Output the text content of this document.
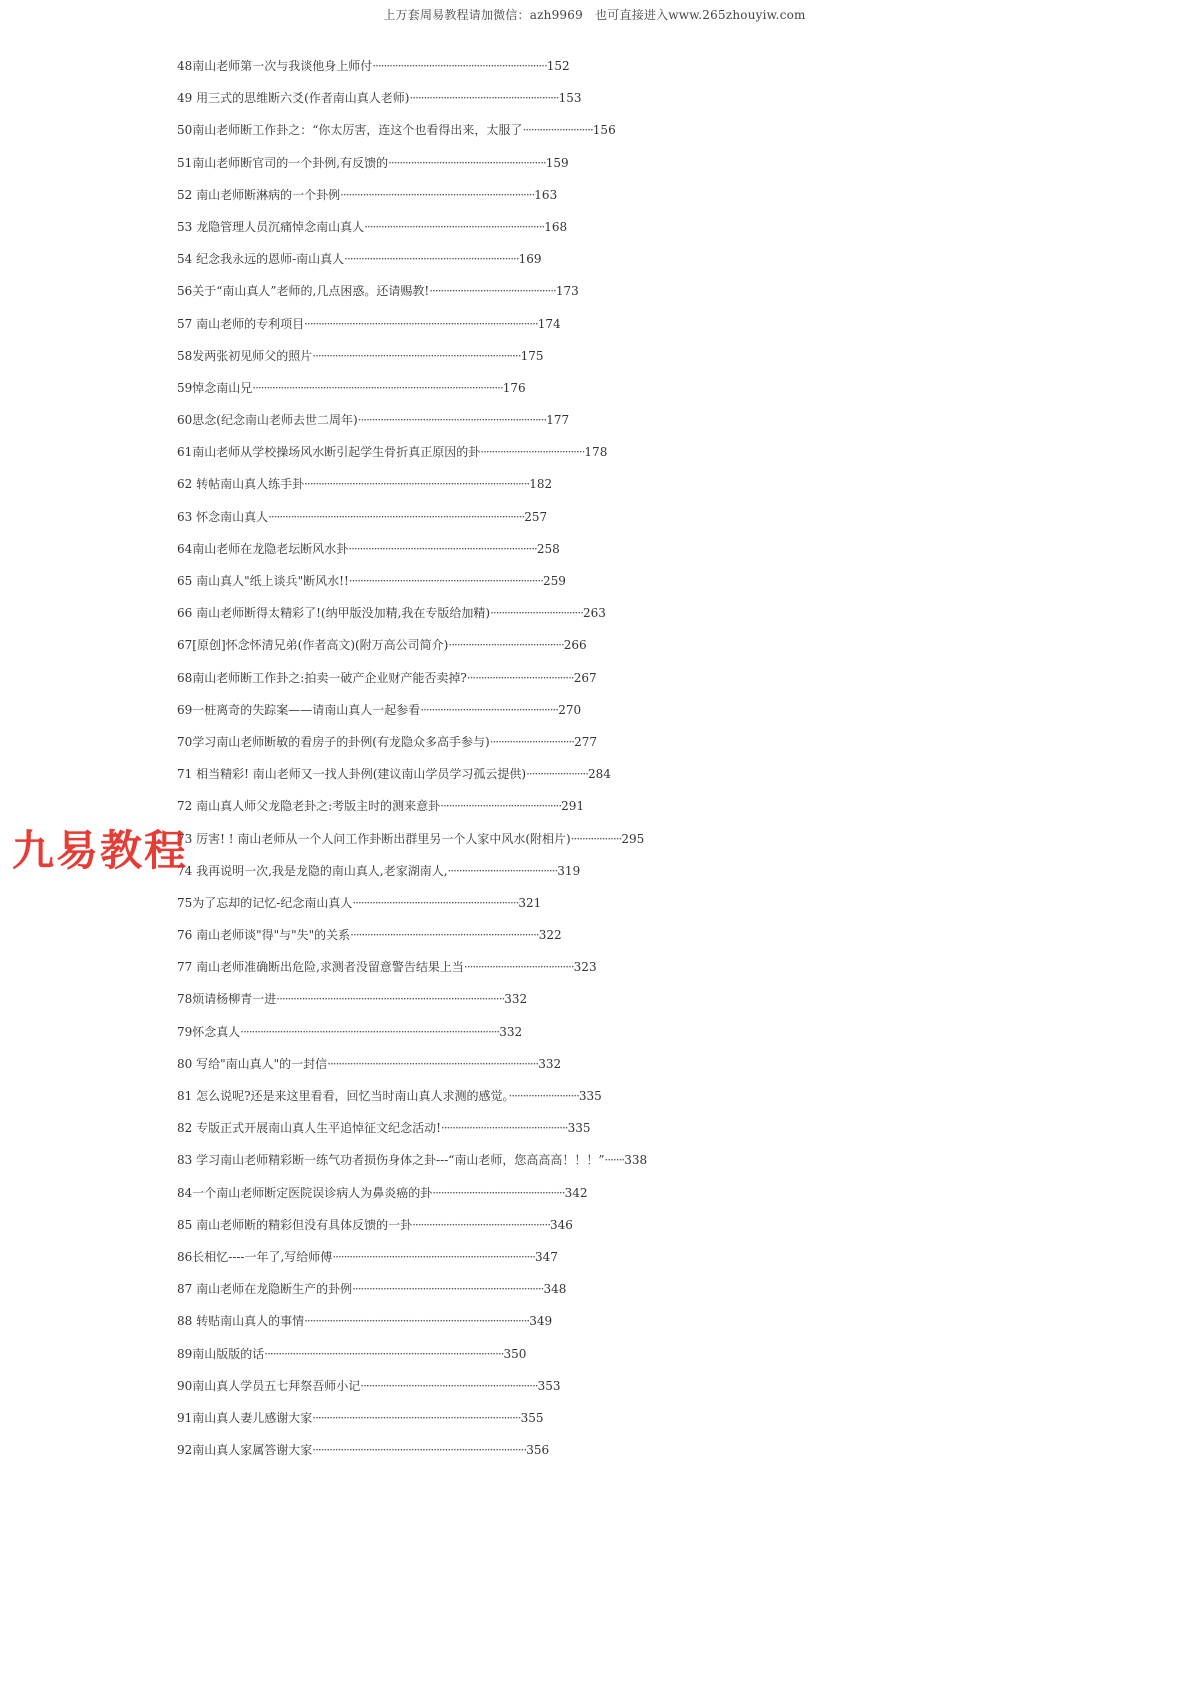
上万套周易教程请加微信：azh9969　也可直接进入www.265zhouyiw.com
48南山老师第一次与我谈他身上师付······························································152
49 用三式的思维断六爻(作者南山真人老师)·····················································153
50南山老师断工作卦之：“你太厉害，连这个也看得出来，太服了·························156
51南山老师断官司的一个卦例,有反馈的························································159
52 南山老师断淋病的一个卦例·····································································163
53 龙隐管理人员沉痛悼念南山真人································································168
54 纪念我永远的恩师-南山真人······························································169
56关于“南山真人”老师的,几点困惑。还请赐教!·············································173
57 南山老师的专利项目···················································································174
58发两张初见师父的照片··········································································175
59悼念南山兄·························································································176
60思念(纪念南山老师去世二周年)···································································177
61南山老师从学校操场风水断引起学生骨折真正原因的卦·····································178
62 转帖南山真人练手卦················································································182
63 怀念南山真人···························································································257
64南山老师在龙隐老坛断风水卦···································································258
65 南山真人"纸上谈兵"断风水!!·····································································259
66 南山老师断得太精彩了!(纳甲版没加精,我在专版给加精)·································263
67[原创]怀念怀清兄弟(作者高文)(附万高公司简介)·········································266
68南山老师断工作卦之:拍卖一破产企业财产能否卖掉?······································267
69一桩离奇的失踪案——请南山真人一起参看·················································270
70学习南山老师断敏的看房子的卦例(有龙隐众多高手参与)······························277
71 相当精彩! 南山老师又一找人卦例(建议南山学员学习孤云提供)······················284
72 南山真人师父龙隐老卦之:考版主时的测来意卦···········································291
73 厉害! ! 南山老师从一个人问工作卦断出群里另一个人家中风水(附相片)··················295
74 我再说明一次,我是龙隐的南山真人,老家湖南人,·······································319
75为了忘却的记忆-纪念南山真人···························································321
76 南山老师谈"得"与"失"的关系···································································322
77 南山老师准确断出危险,求测者没留意警告结果上当·······································323
78烦请杨柳青一进·················································································332
79怀念真人····························································································332
80 写给"南山真人"的一封信···········································································332
81 怎么说呢?还是来这里看看，回忆当时南山真人求测的感觉。·························335
82 专版正式开展南山真人生平追悼征文纪念活动!·············································335
83 学习南山老师精彩断一练气功者损伤身体之卦---“南山老师，您高高高！！！”·······338
84一个南山老师断定医院误诊病人为鼻炎癌的卦···············································342
85 南山老师断的精彩但没有具体反馈的一卦·················································346
86长相忆----一年了,写给师傅········································································347
87 南山老师在龙隐断生产的卦例····································································348
88 转贴南山真人的事情················································································349
89南山版版的话·····················································································350
90南山真人学员五七拜祭吾师小记·······························································353
91南山真人妻儿感谢大家··········································································355
92南山真人家属答谢大家············································································356
九易教程
